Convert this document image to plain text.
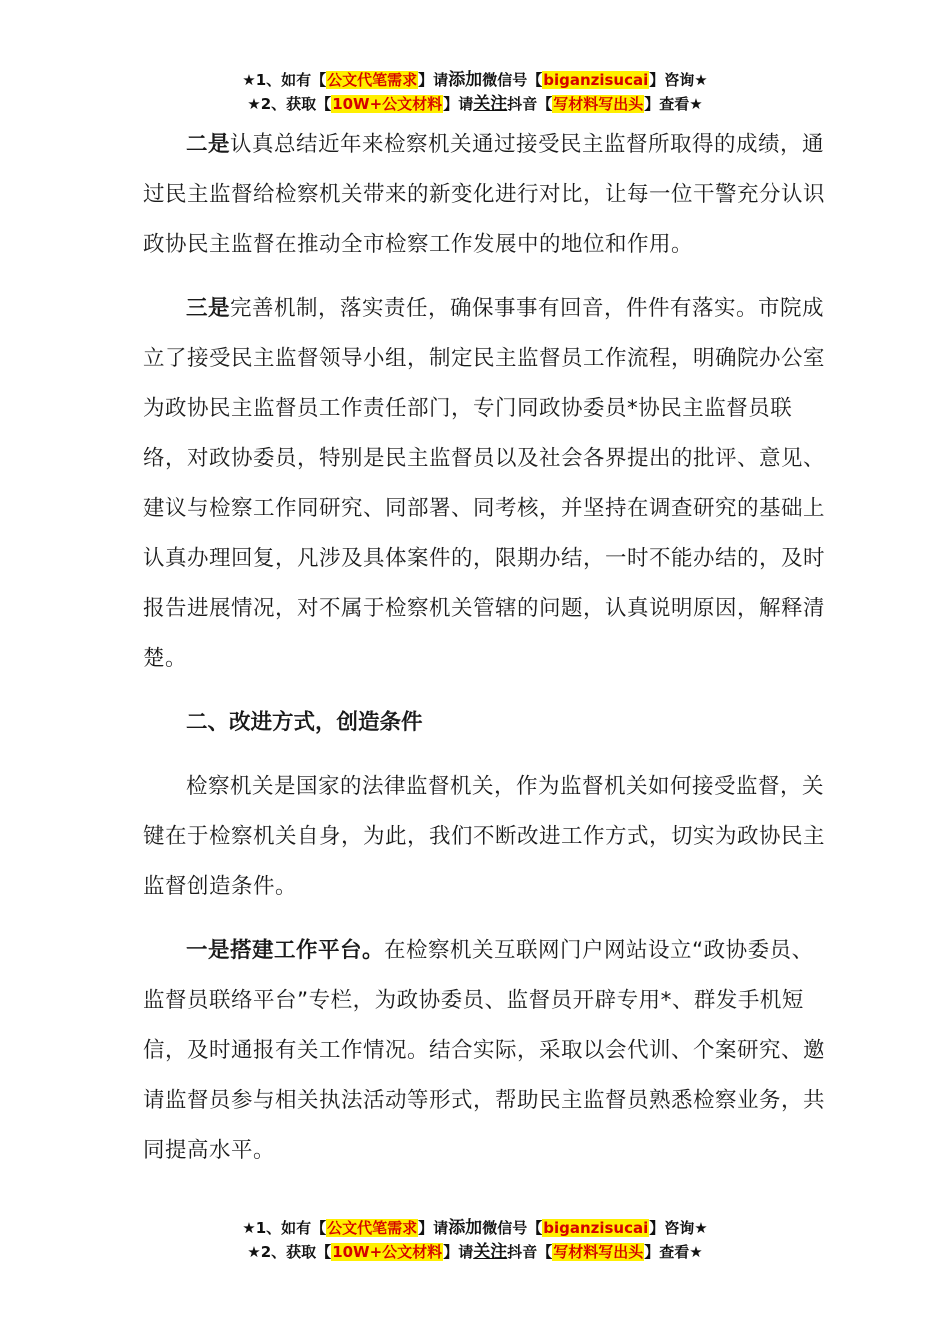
★1、如有【公文代笔需求】请添加微信号【biganzisucai】咨询★
★2、获取【10W+公文材料】请关注抖音【写材料写出头】查看★

二是认真总结近年来检察机关通过接受民主监督所取得的成绩，通过民主监督给检察机关带来的新变化进行对比，让每一位干警充分认识政协民主监督在推动全市检察工作发展中的地位和作用。

三是完善机制，落实责任，确保事事有回音，件件有落实。市院成立了接受民主监督领导小组，制定民主监督员工作流程，明确院办公室为政协民主监督员工作责任部门，专门同政协委员*协民主监督员联络，对政协委员，特别是民主监督员以及社会各界提出的批评、意见、建议与检察工作同研究、同部署、同考核，并坚持在调查研究的基础上认真办理回复，凡涉及具体案件的，限期办结，一时不能办结的，及时报告进展情况，对不属于检察机关管辖的问题，认真说明原因，解释清楚。

二、改进方式，创造条件

检察机关是国家的法律监督机关，作为监督机关如何接受监督，关键在于检察机关自身，为此，我们不断改进工作方式，切实为政协民主监督创造条件。

一是搭建工作平台。在检察机关互联网门户网站设立“政协委员、监督员联络平台”专栏，为政协委员、监督员开辟专用*、群发手机短信，及时通报有关工作情况。结合实际，采取以会代训、个案研究、邀请监督员参与相关执法活动等形式，帮助民主监督员熟悉检察业务，共同提高水平。

★1、如有【公文代笔需求】请添加微信号【biganzisucai】咨询★
★2、获取【10W+公文材料】请关注抖音【写材料写出头】查看★
